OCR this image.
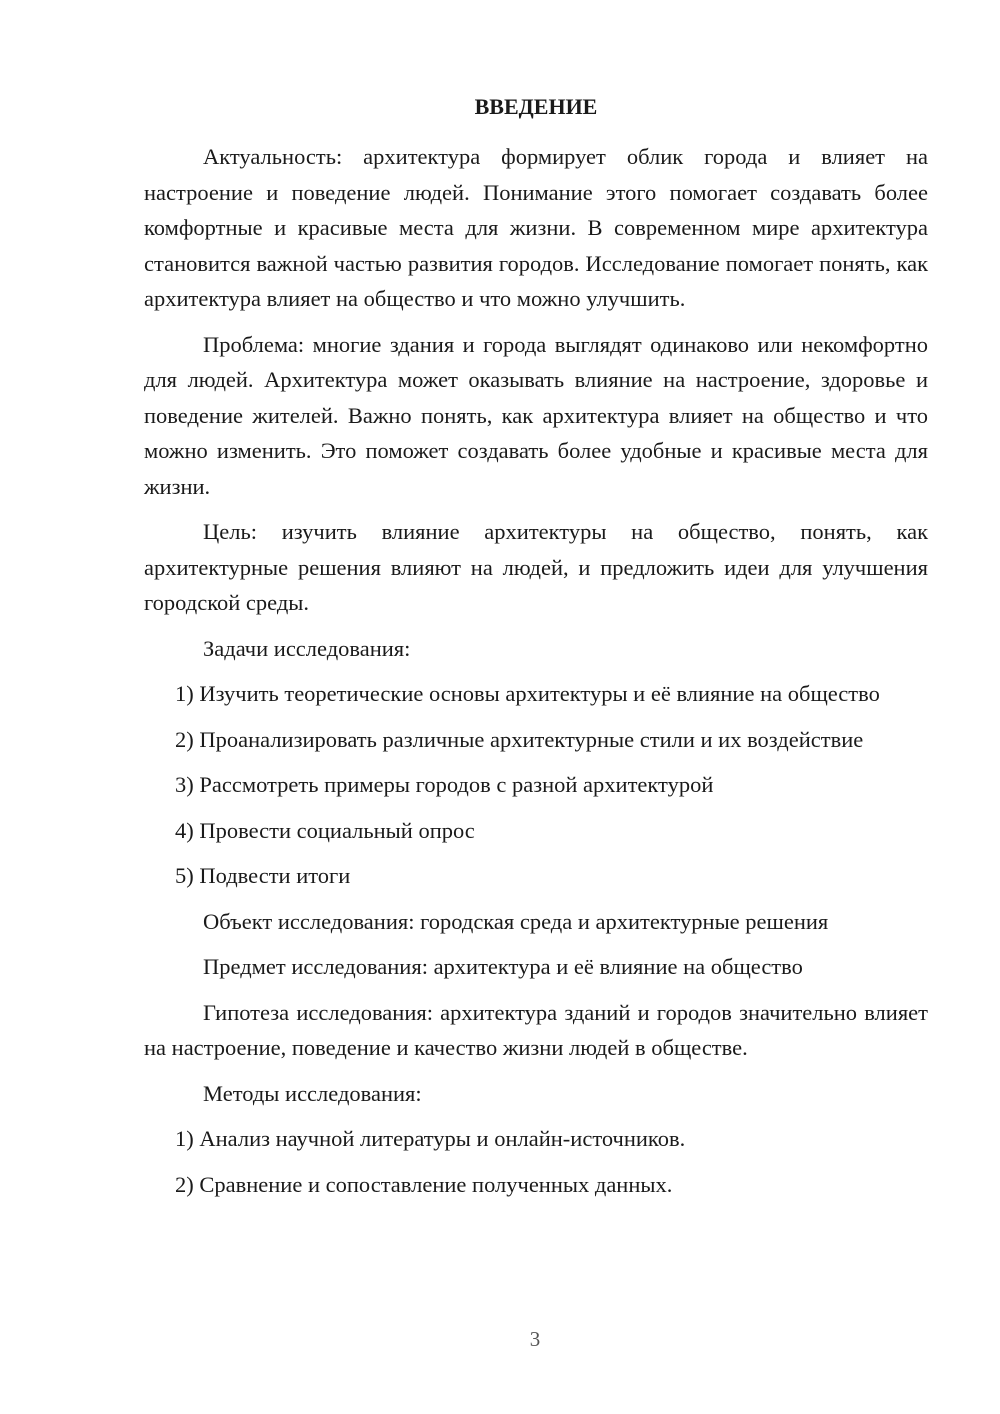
ВВЕДЕНИЕ

Актуальность: архитектура формирует облик города и влияет на настроение и поведение людей. Понимание этого помогает создавать более комфортные и красивые места для жизни. В современном мире архитектура становится важной частью развития городов. Исследование помогает понять, как архитектура влияет на общество и что можно улучшить.

Проблема: многие здания и города выглядят одинаково или некомфортно для людей. Архитектура может оказывать влияние на настроение, здоровье и поведение жителей. Важно понять, как архитектура влияет на общество и что можно изменить. Это поможет создавать более удобные и красивые места для жизни.

Цель: изучить влияние архитектуры на общество, понять, как архитектурные решения влияют на людей, и предложить идеи для улучшения городской среды.

Задачи исследования:

1) Изучить теоретические основы архитектуры и её влияние на общество

2) Проанализировать различные архитектурные стили и их воздействие

3) Рассмотреть примеры городов с разной архитектурой

4) Провести социальный опрос

5) Подвести итоги

Объект исследования: городская среда и архитектурные решения

Предмет исследования: архитектура и её влияние на общество

Гипотеза исследования: архитектура зданий и городов значительно влияет на настроение, поведение и качество жизни людей в обществе.

Методы исследования:

1) Анализ научной литературы и онлайн-источников.

2) Сравнение и сопоставление полученных данных.

3
